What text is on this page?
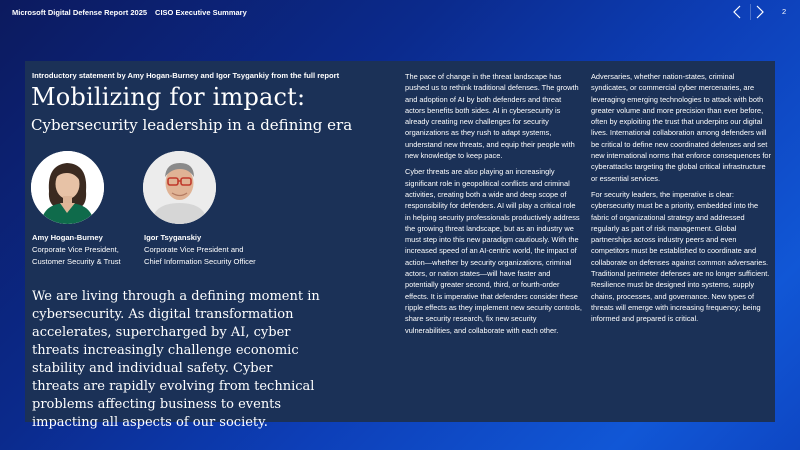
Microsoft Digital Defense Report 2025 CISO Executive Summary	2
Introductory statement by Amy Hogan-Burney and Igor Tsygankiy from the full report
Mobilizing for impact:
Cybersecurity leadership in a defining era
Amy Hogan-Burney
Corporate Vice President,
Customer Security & Trust
Igor Tsyganskiy
Corporate Vice President and
Chief Information Security Officer
We are living through a defining moment in cybersecurity. As digital transformation accelerates, supercharged by AI, cyber threats increasingly challenge economic stability and individual safety. Cyber threats are rapidly evolving from technical problems affecting business to events impacting all aspects of our society.

The pace of change in the threat landscape has pushed us to rethink traditional defenses. The growth and adoption of AI by both defenders and threat actors benefits both sides. AI in cybersecurity is already creating new challenges for security organizations as they rush to adapt systems, understand new threats, and equip their people with new knowledge to keep pace.

Cyber threats are also playing an increasingly significant role in geopolitical conflicts and criminal activities, creating both a wide and deep scope of responsibility for defenders. AI will play a critical role in helping security professionals productively address the growing threat landscape, but as an industry we must step into this new paradigm cautiously. With the increased speed of an AI-centric world, the impact of action—whether by security organizations, criminal actors, or nation states—will have faster and potentially greater second, third, or fourth-order effects. It is imperative that defenders consider these ripple effects as they implement new security controls, share security research, fix new security vulnerabilities, and collaborate with each other.

Adversaries, whether nation-states, criminal syndicates, or commercial cyber mercenaries, are leveraging emerging technologies to attack with both greater volume and more precision than ever before, often by exploiting the trust that underpins our digital lives. International collaboration among defenders will be critical to define new coordinated defenses and set new international norms that enforce consequences for cyberattacks targeting the global critical infrastructure or essential services.

For security leaders, the imperative is clear: cybersecurity must be a priority, embedded into the fabric of organizational strategy and addressed regularly as part of risk management. Global partnerships across industry peers and even competitors must be established to coordinate and collaborate on defenses against common adversaries. Traditional perimeter defenses are no longer sufficient. Resilience must be designed into systems, supply chains, processes, and governance. New types of threats will emerge with increasing frequency; being informed and prepared is critical.
